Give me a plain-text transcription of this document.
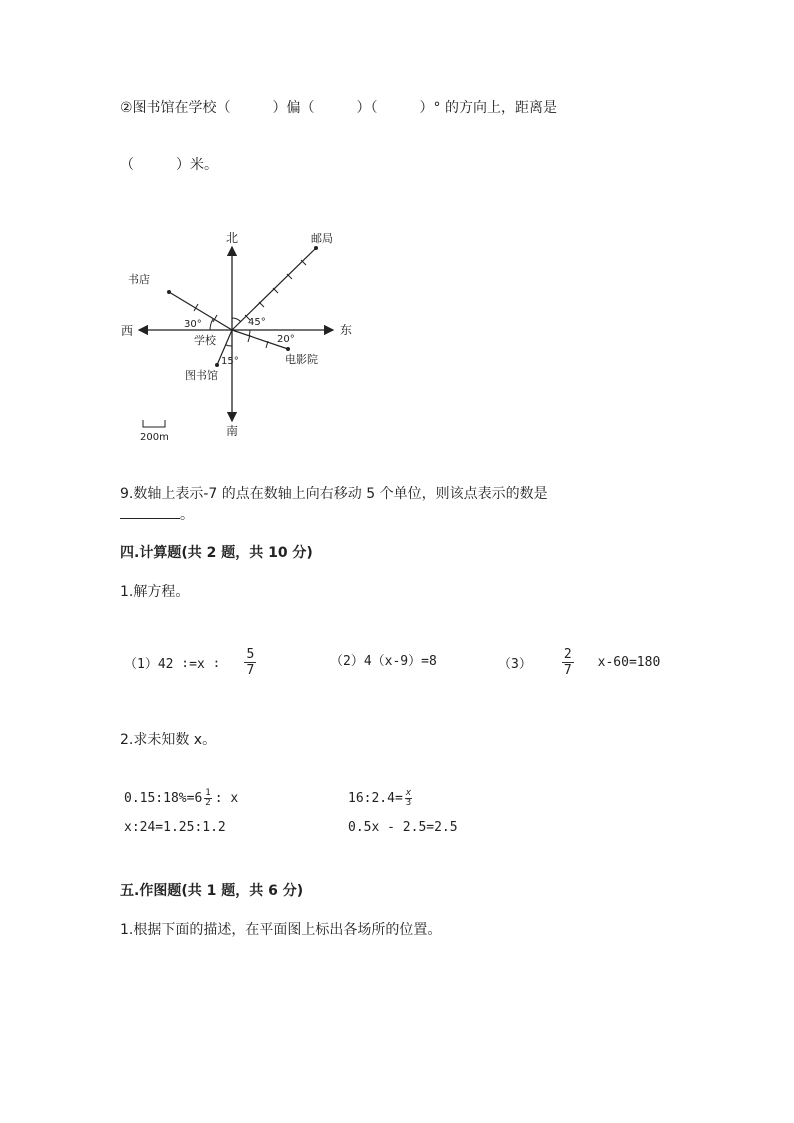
②图书馆在学校（　　　）偏（　　　）（　　　）° 的方向上，距离是
（　　　）米。
北
南
东
西
学校
邮局
书店
电影院
图书馆
30°	45°
20°
15°
200m
9.数轴上表示-7 的点在数轴上向右移动 5 个单位，则该点表示的数是
。
四.计算题(共 2 题，共 10 分)
1.解方程。
（1）42 ∶=x ∶ $\frac{5}{7}$	（2）4（x-9）=8	$(3) \frac{2}{7} x-60=180$
2.求未知数 x。
0.15:18%=6 $\frac{1}{2}$ : x	16:2.4= $\frac{x}{3}$
x:24=1.25:1.2	0.5x - 2.5=2.5
五.作图题(共 1 题，共 6 分)
1.根据下面的描述，在平面图上标出各场所的位置。
